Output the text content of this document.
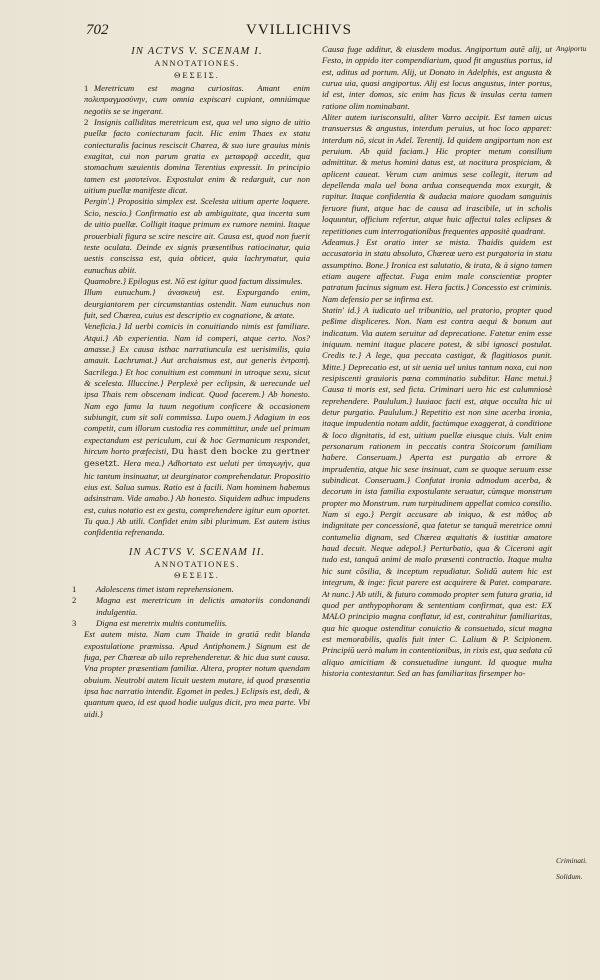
702	VVILLICHIVS

IN ACTVS V. SCENAM I.

ANNOTATIONES.

ΘΕΣΕΙΣ.

1 Meretricum est magna curiositas. Amant enim πολυπραγμοσύνην, cum omnia expiscari cupiant, omniúmque negotiis se se ingerant.

2 Insignis calliditas meretricum est, qua vel uno signo de uitio puellæ facto coniecturam facit. Hic enim Thaes ex statu coniecturalis facinus resciscit Chærea, & suo iure grauius minis exagitat, cui non parum gratia ex μεταφορᾷ accedit, qua stomachum sæuientis domina Terentius expressit. In principio tamen est μισοτείνοι. Expostulat enim & redarguit, cur non uitium puellæ manifeste dicat.

Pergin'.} Propositio simplex est. Scelesta uitium aperte loquere. Scio, nescio.} Confirmatio est ab ambiguitate, qua incerta sum de uitio puellæ. Colligit itaque primum ex rumore nemini. Itaque prouerbiali figura se scire nescire ait. Causa est, quod non fuerit teste oculata. Deinde ex signis præsentibus ratiocinatur, quia uestis conscissa est, quia obticet, quia lachrymatur, quia eunuchus abiit.

Quamobre.} Epilogus est. Nō est igitur quod factum dissimules.

Illum eunuchum.} ἀνασκευὴ est. Expurgando enim, deurgiantorem per circumstantias ostendit. Nam eunuchus non fuit, sed Chærea, cuius est descriptio ex cognatione, & ætate.

Veneficia.} Id uerbi comicis in conuitiando nimis est familiare. Atqui.} Ab experientia. Nam id comperi, atque certo. Nos? amasse.} Ex causa isthac narratiuncula est uerisimilis, quia amauit. Lachrumat.} Aut archaismus est, aut generis ἐντροπή. Sacrilega.} Et hoc conuitium est communi in utroque sexu, sicut & scelesta. Illuccine.} Perplexè per eclipsin, & uerecunde uel ipsa Thais rem obscenam indicat. Quod facerem.} Ab honesto. Nam ego famu la tuum negotium conficere & occasionem subiungit, cum sit soli commissa. Lupo ouem.} Adagium in eos competit, cum illorum custodia res committitur, unde uel primum expectandum est periculum, cui & hoc Germanicum respondet, hircum horto præfecisti, Du hast den bocke zu gertner gesetzt. Hera mea.} Adhortato est ueluti per ὑπαγωγὴν, qua hic tantum insinuatur, ut deurginator comprehendatur. Propositio eius est. Salua sumus. Ratio est à facili. Nam hominem habemus adsinstram. Vide amabo.} Ab honesto. Siquidem adhuc impudens est, cuius notatio est ex gestu, comprehendere igitur eum oportet. Tu qua.} Ab utili. Confidet enim sibi plurimum. Est autem istius confidentia refrenanda.

IN ACTVS V. SCENAM II.

ANNOTATIONES.

ΘΕΣΕΙΣ.

1 Adolescens timet istam reprehensionem.

2 Magna est meretricum in delictis amatoriis condonandi indulgentia.

3 Digna est meretrix multis contumeliis.

Est autem mista. Nam cum Thaide in gratiā redit blanda expostulatione præmissa. Apud Antiphonem.} Signum est de fuga, per Chæreæ ab uilo reprehenderetur. & hic dua sunt causa. Vna propter præsentiam familiæ. Altera, propter notum quendam obuium. Neutrobi autem licuit uestem mutare, id quod præsentia ipsa hac narratio intendit. Egomet in pedes.} Eclipsis est, dedi, & quantum queo, id est quod hodie uulgus dicit, pro mea parte. Vbi uidi.}

Causa fuge additur, & eiusdem modus. Angiportum autē alij, ut Festo, in oppido iter compendiarium, quod fit angustius portus, id est, aditus ad portum. Alij, ut Donato in Adelphis, est angusta & curua uia, quasi angiportus. Alij est locus angustus, inter portus, id est, inter domos, sic enim has ficus & insulas certa tamen ratione olim nominabant.

Aliter autem iurisconsulti, aliter Varro accipit. Est tamen uicus transuersus & angustus, interdum peruius, ut hoc loco apparet: interdum nō, sicut in Adel. Terentij. Id quidem angiportum non est peruium. Ab quid faciam.} Hic propter metum consilium admittitur. & metus homini datus est, ut nocitura prospiciam, & aplicent caueat. Verum cum animus sese collegit, iterum ad depellenda mala uel bona ardua consequenda mox exurgit, & rapitur. Itaque confidentia & audacia maiore quodam sanguinis feruore fiunt, atque hac de causa ad irascibile, ut in scholis loquuntur, officium refertur, atque huic affectui tales eclipses & repetitiones cum interrogationibus frequentes appositè quadrant.

Adeamus.} Est oratio inter se mista. Thaidis quidem est accusatoria in statu absoluto, Chæreæ uero est purgatoria in statu assumptino. Bone.} Ironica est salutatio, & irata, & à signo tamen etiam augere affectat. Fuga enim male conscientiæ propter patratum facinus signum est. Hera factis.} Concessio est criminis. Nam defensio per se infirma est.

Statin' id.} A iudicato uel tribunitio, uel pratorio, propter quod peßime displiceres. Non. Nam est contra aequi & bonum aut indicatum. Via autem seruitur ad deprecatione. Fatetur enim esse iniquum. nemini itaque placere potest, & sibi ignosci postulat. Credis te.} A lege, qua peccata castigat, & flagitiosos punit. Mitte.} Deprecatio est, ut sit uenia uel unius tantum noxa, cui non resipiscenti grauioris pœna comminatio subditur. Hanc metui.} Causa ti moris est, sed ficta. Criminari uero hic est calumniosè reprehendere. Paululum.} Iuuiaoc facti est, atque occulta hic ui detur purgatio. Paululum.} Repetitio est non sine acerba ironia, itaque impudentia notam addit, factùmque exaggerat, à conditione & loco dignitatis, id est, uitium puellæ eiusque ciuis. Vult enim personarum rationem in peccatis contra Stoicorum familiam habere. Conseruam.} Aperta est purgatio ab errore & imprudentia, atque hic sese insinuat, cum se quoque seruum esse subindicat. Conseruam.} Confutat ironia admodum acerba, & decorum in ista familia expostulante seruatur, cùmque monstrum propter mo Monstrum. rum turpitudinem appellat comico consilio. Nam si ego.} Pergit accusare ab iniquo, & est πάθος ab indignitate per concessionē, qua fatetur se tanquā meretrice omni contumelia dignam, sed Chærea æquitatis & iustitiæ amatore haud decuit. Neque adepol.} Perturbatio, qua & Ciceroni agit tudo est, tanquā animi de malo præsenti contractio. Itaque multa hic sunt cōsilia, & inceptum repudiatur. Solidū autem hic est integrum, & inge: ficut parere est acquirere & Patet. comparare. At nunc.} Ab utili, & futuro commodo propter sem futura gratia, id quod per anthypophoram & sententiam confirmat, qua est: EX MALO principio magna conflatur, id est, contrahitur familiaritas, qua hic quoque ostenditur conuictio & consuetudo, sicut magna est memorabilis, qualis fuit inter C. Lalium & P. Scipionem. Principiū uerò malum in contentionibus, in rixis est, qua sedata cū aliquo amicitiam & consuetudine iungunt. Id quoque multa historia contestantur. Sed an has familiaritas firsemper ho-

Angiportu
Criminati.
Solidum.
